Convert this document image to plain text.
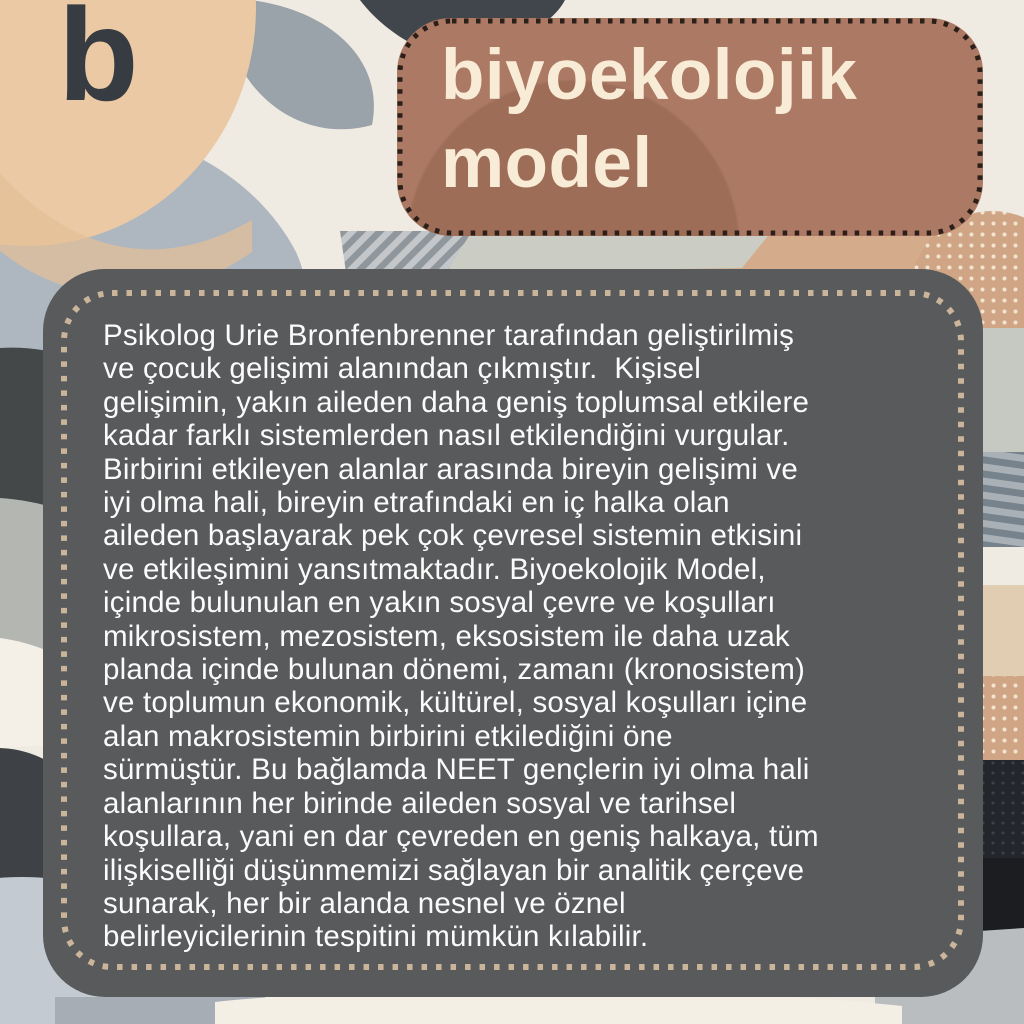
b	biyoekolojik
model
Psikolog Urie Bronfenbrenner tarafından geliştirilmiş
ve çocuk gelişimi alanından çıkmıştır.  Kişisel
gelişimin, yakın aileden daha geniş toplumsal etkilere
kadar farklı sistemlerden nasıl etkilendiğini vurgular.
Birbirini etkileyen alanlar arasında bireyin gelişimi ve
iyi olma hali, bireyin etrafındaki en iç halka olan
aileden başlayarak pek çok çevresel sistemin etkisini
ve etkileşimini yansıtmaktadır. Biyoekolojik Model,
içinde bulunulan en yakın sosyal çevre ve koşulları
mikrosistem, mezosistem, eksosistem ile daha uzak
planda içinde bulunan dönemi, zamanı (kronosistem)
ve toplumun ekonomik, kültürel, sosyal koşulları içine
alan makrosistemin birbirini etkilediğini öne
sürmüştür. Bu bağlamda NEET gençlerin iyi olma hali
alanlarının her birinde aileden sosyal ve tarihsel
koşullara, yani en dar çevreden en geniş halkaya, tüm
ilişkiselliği düşünmemizi sağlayan bir analitik çerçeve
sunarak, her bir alanda nesnel ve öznel
belirleyicilerinin tespitini mümkün kılabilir.
